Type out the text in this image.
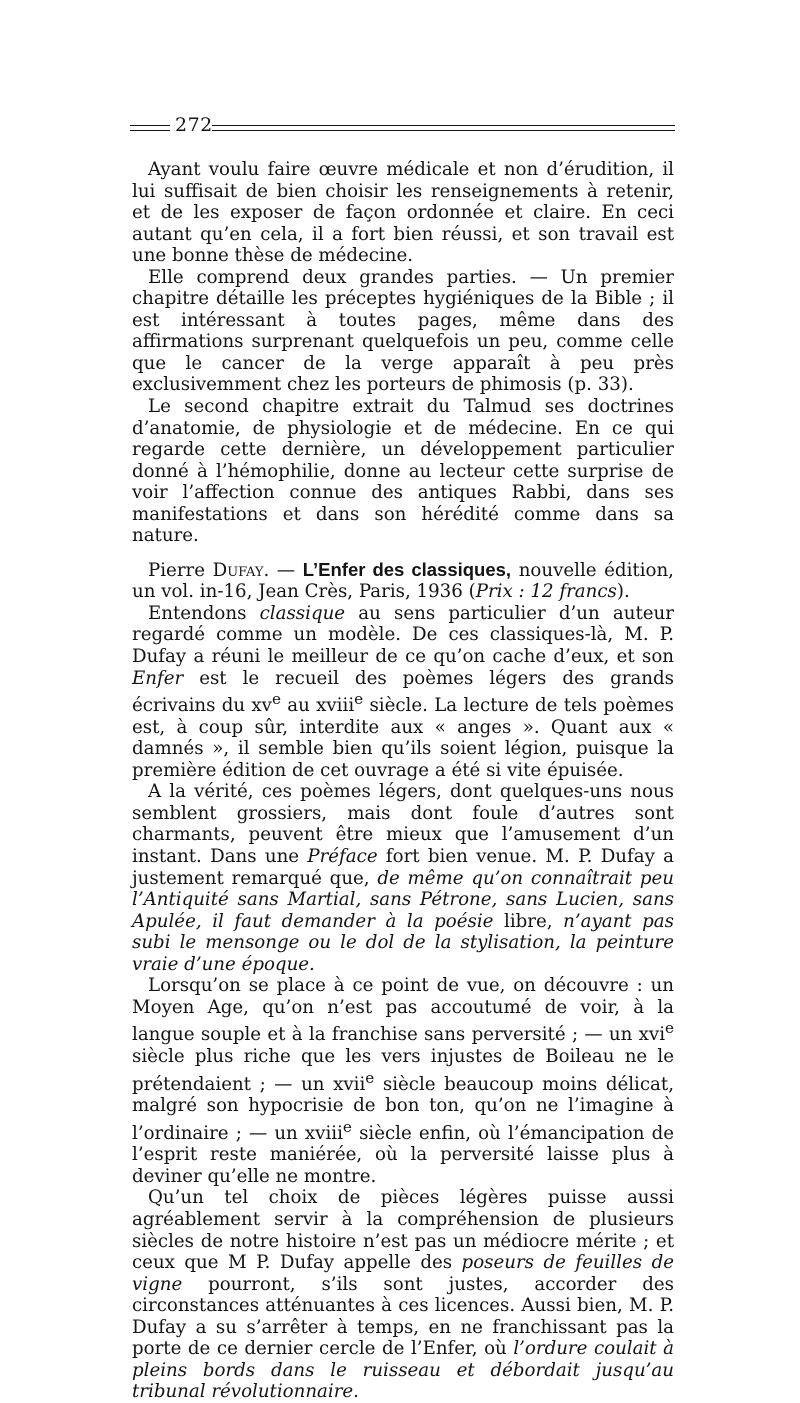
272

Ayant voulu faire œuvre médicale et non d’érudition, il lui suffisait de bien choisir les renseignements à retenir, et de les exposer de façon ordonnée et claire. En ceci autant qu’en cela, il a fort bien réussi, et son travail est une bonne thèse de médecine.

Elle comprend deux grandes parties. — Un premier chapitre détaille les préceptes hygiéniques de la Bible ; il est intéressant à toutes pages, même dans des affirmations surprenant quelquefois un peu, comme celle que le cancer de la verge apparaît à peu près exclusivemment chez les porteurs de phimosis (p. 33).

Le second chapitre extrait du Talmud ses doctrines d’anatomie, de physiologie et de médecine. En ce qui regarde cette dernière, un développement particulier donné à l’hémophilie, donne au lecteur cette surprise de voir l’affection connue des antiques Rabbi, dans ses manifestations et dans son hérédité comme dans sa nature.

Pierre Dufay. — L’Enfer des classiques, nouvelle édition, un vol. in-16, Jean Crès, Paris, 1936 (Prix : 12 francs).

Entendons classique au sens particulier d’un auteur regardé comme un modèle. De ces classiques-là, M. P. Dufay a réuni le meilleur de ce qu’on cache d’eux, et son Enfer est le recueil des poèmes légers des grands écrivains du $xv^e$ au xviii$^e$ siècle. La lecture de tels poèmes est, à coup sûr, interdite aux « anges ». Quant aux « damnés », il semble bien qu’ils soient légion, puisque la première édition de cet ouvrage a été si vite épuisée.

A la vérité, ces poèmes légers, dont quelques-uns nous semblent grossiers, mais dont foule d’autres sont charmants, peuvent être mieux que l’amusement d’un instant. Dans une Préface fort bien venue. M. P. Dufay a justement remarqué que, de même qu’on connaîtrait peu l’Antiquité sans Martial, sans Pétrone, sans Lucien, sans Apulée, il faut demander à la poésie libre, n’ayant pas subi le mensonge ou le dol de la stylisation, la peinture vraie d’une époque.

Lorsqu’on se place à ce point de vue, on découvre : un Moyen Age, qu’on n’est pas accoutumé de voir, à la langue souple et à la franchise sans perversité ; — un xvi$^e$ siècle plus riche que les vers injustes de Boileau ne le prétendaient ; — un xvii$^e$ siècle beaucoup moins délicat, malgré son hypocrisie de bon ton, qu’on ne l’imagine à l’ordinaire ; — un xviii$^e$ siècle enfin, où l’émancipation de l’esprit reste maniérée, où la perversité laisse plus à deviner qu’elle ne montre.

Qu’un tel choix de pièces légères puisse aussi agréablement servir à la compréhension de plusieurs siècles de notre histoire n’est pas un médiocre mérite ; et ceux que M P. Dufay appelle des poseurs de feuilles de vigne pourront, s’ils sont justes, accorder des circonstances atténuantes à ces licences. Aussi bien, M. P. Dufay a su s’arrêter à temps, en ne franchissant pas la porte de ce dernier cercle de l’Enfer, où l’ordure coulait à pleins bords dans le ruisseau et débordait jusqu’au tribunal révolutionnaire.
